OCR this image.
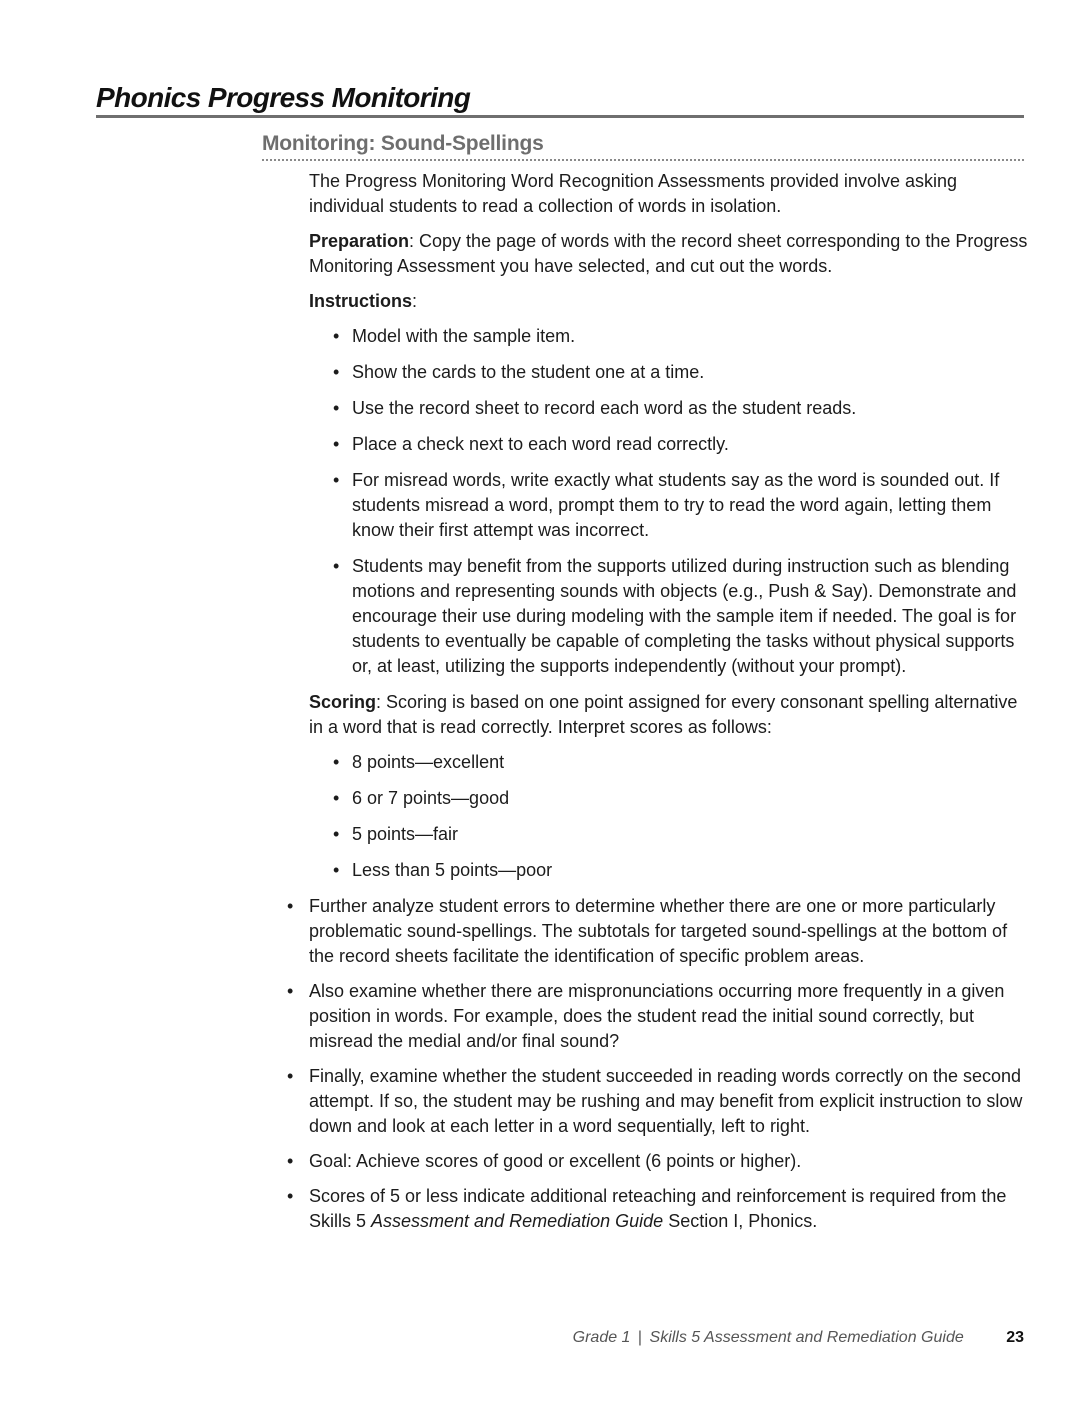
Phonics Progress Monitoring
Monitoring: Sound-Spellings

The Progress Monitoring Word Recognition Assessments provided involve asking individual students to read a collection of words in isolation.

Preparation: Copy the page of words with the record sheet corresponding to the Progress Monitoring Assessment you have selected, and cut out the words.

Instructions:

• Model with the sample item.
• Show the cards to the student one at a time.
• Use the record sheet to record each word as the student reads.
• Place a check next to each word read correctly.
• For misread words, write exactly what students say as the word is sounded out. If students misread a word, prompt them to try to read the word again, letting them know their first attempt was incorrect.
• Students may benefit from the supports utilized during instruction such as blending motions and representing sounds with objects (e.g., Push & Say). Demonstrate and encourage their use during modeling with the sample item if needed. The goal is for students to eventually be capable of completing the tasks without physical supports or, at least, utilizing the supports independently (without your prompt).

Scoring: Scoring is based on one point assigned for every consonant spelling alternative in a word that is read correctly. Interpret scores as follows:

• 8 points—excellent
• 6 or 7 points—good
• 5 points—fair
• Less than 5 points—poor
• Further analyze student errors to determine whether there are one or more particularly problematic sound-spellings. The subtotals for targeted sound-spellings at the bottom of the record sheets facilitate the identification of specific problem areas.
• Also examine whether there are mispronunciations occurring more frequently in a given position in words. For example, does the student read the initial sound correctly, but misread the medial and/or final sound?
• Finally, examine whether the student succeeded in reading words correctly on the second attempt. If so, the student may be rushing and may benefit from explicit instruction to slow down and look at each letter in a word sequentially, left to right.
• Goal: Achieve scores of good or excellent (6 points or higher).
• Scores of 5 or less indicate additional reteaching and reinforcement is required from the Skills 5 Assessment and Remediation Guide Section I, Phonics.
Grade 1 | Skills 5 Assessment and Remediation Guide	23
